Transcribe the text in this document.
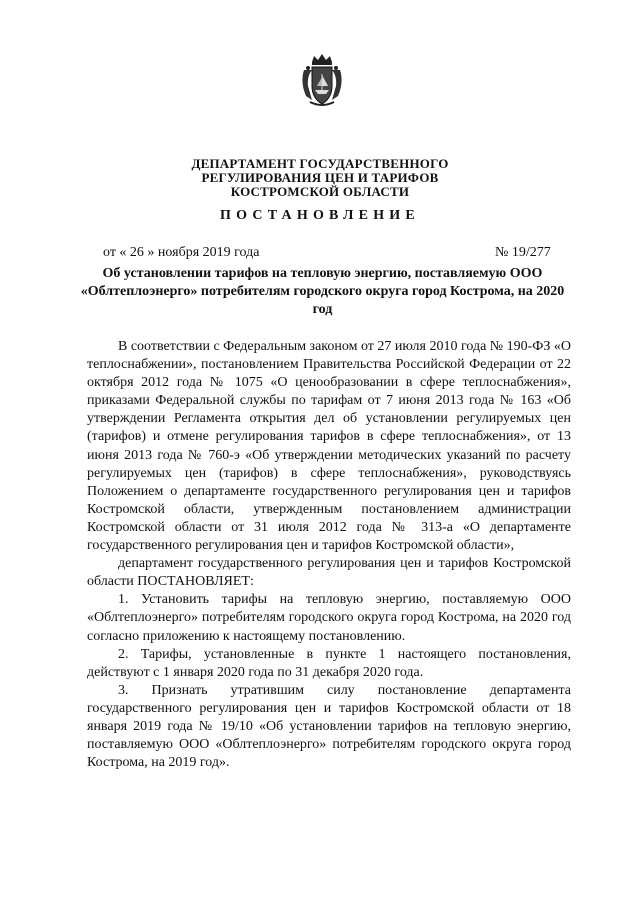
ДЕПАРТАМЕНТ ГОСУДАРСТВЕННОГО
РЕГУЛИРОВАНИЯ ЦЕН И ТАРИФОВ
КОСТРОМСКОЙ ОБЛАСТИ
ПОСТАНОВЛЕНИЕ
от « 26 » ноября 2019 года	№ 19/277
Об установлении тарифов на тепловую энергию, поставляемую ООО «Облтеплоэнерго» потребителям городского округа город Кострома, на 2020 год

В соответствии с Федеральным законом от 27 июля 2010 года № 190-ФЗ «О теплоснабжении», постановлением Правительства Российской Федерации от 22 октября 2012 года № 1075 «О ценообразовании в сфере теплоснабжения», приказами Федеральной службы по тарифам от 7 июня 2013 года № 163 «Об утверждении Регламента открытия дел об установлении регулируемых цен (тарифов) и отмене регулирования тарифов в сфере теплоснабжения», от 13 июня 2013 года № 760-э «Об утверждении методических указаний по расчету регулируемых цен (тарифов) в сфере теплоснабжения», руководствуясь Положением о департаменте государственного регулирования цен и тарифов Костромской области, утвержденным постановлением администрации Костромской области от 31 июля 2012 года № 313-а «О департаменте государственного регулирования цен и тарифов Костромской области»,

департамент государственного регулирования цен и тарифов Костромской области ПОСТАНОВЛЯЕТ:

1. Установить тарифы на тепловую энергию, поставляемую ООО «Облтеплоэнерго» потребителям городского округа город Кострома, на 2020 год согласно приложению к настоящему постановлению.

2. Тарифы, установленные в пункте 1 настоящего постановления, действуют с 1 января 2020 года по 31 декабря 2020 года.

3. Признать утратившим силу постановление департамента государственного регулирования цен и тарифов Костромской области от 18 января 2019 года № 19/10 «Об установлении тарифов на тепловую энергию, поставляемую ООО «Облтеплоэнерго» потребителям городского округа город Кострома, на 2019 год».
